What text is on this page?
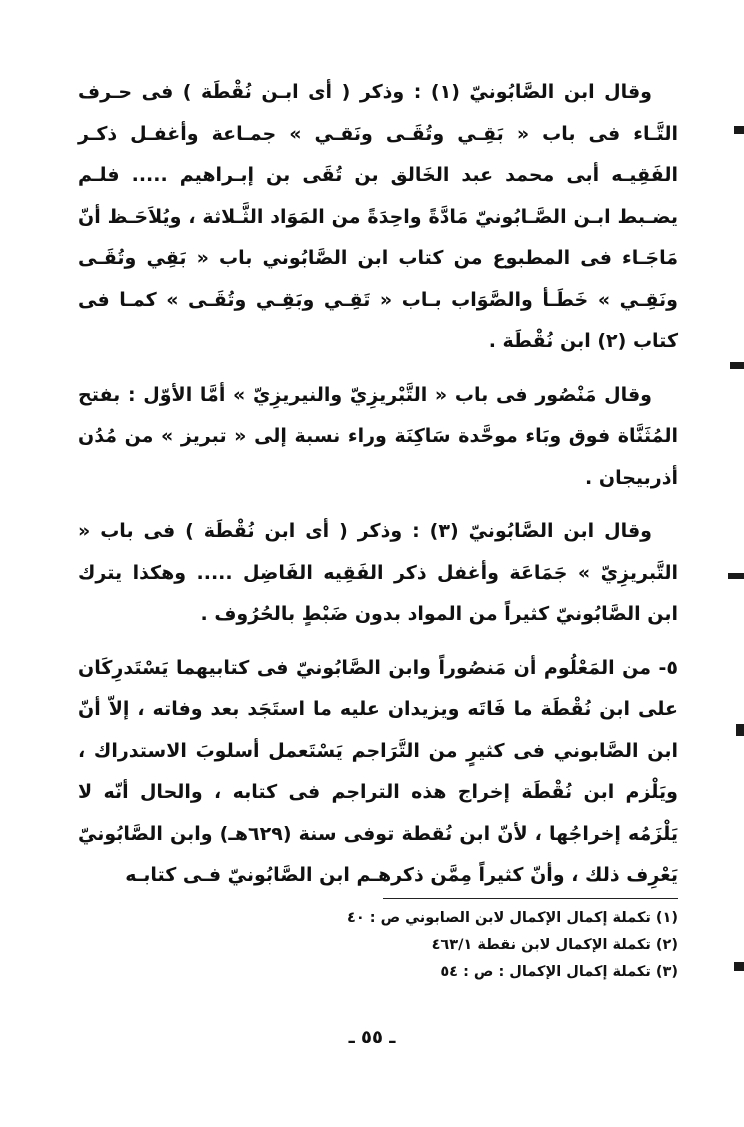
وقال ابن الصَّابُونيّ (١) : وذكر ( أى ابـن نُقْطَة ) فى حـرف التَّـاء فى باب « بَقِـي وتُقَـى ونَقـي » جمـاعة وأغفـل ذكـر الفَقِيـه أبى محمد عبد الخَالق بن تُقَى بن إبـراهيم ..... فلـم يضـبط ابـن الصَّـابُونيّ مَادَّةً واحِدَةً من المَوَاد الثَّـلاثة ، ويُلاَحَـظ أنّ مَاجَـاء فى المطبوع من كتاب ابن الصَّابُوني باب « بَقِي وتُقَـى ونَقِـي » خَطَـأ والصَّوَاب بـاب « تَقِـي وبَقِـي وتُقَـى » كمـا فى كتاب (٢) ابن نُقْطَة .

وقال مَنْصُور فى باب « التَّبْريزِيّ والنيريزِيّ » أمَّا الأوّل : بفتح المُثَنَّاة فوق وبَاء موحَّدة سَاكِنَة وراء نسبة إلى « تبريز » من مُدُن أذربيجان .

وقال ابن الصَّابُونيّ (٣) : وذكر ( أى ابن نُقْطَة ) فى باب « التَّبريزِيّ » جَمَاعَة وأغفل ذكر الفَقِيه الفَاضِل ..... وهكذا يترك ابن الصَّابُونيّ كثيراً من المواد بدون ضَبْطٍ بالحُرُوف .

٥- من المَعْلُوم أن مَنصُوراً وابن الصَّابُونيّ فى كتابيهما يَسْتَدرِكَان على ابن نُقْطَة ما فَاتَه ويزيدان عليه ما استَجَد بعد وفاته ، إلاّ أنّ ابن الصَّابوني فى كثيرٍ من التَّرَاجم يَسْتَعمل أسلوبَ الاستدراك ، ويَلْزم ابن نُقْطَة إخراج هذه التراجم فى كتابه ، والحال أنّه لا يَلْزَمُه إخراجُها ، لأنّ ابن نُقطة توفى سنة (٦٢٩هـ) وابن الصَّابُونيّ يَعْرِف ذلك ، وأنّ كثيراً مِمَّن ذكرهـم ابن الصَّابُونيّ فـى كتابـه

(١) تكملة إكمال الإكمال لابن الصابوني ص : ٤٠
(٢) تكملة الإكمال لابن نقطة ٤٦٣/١
(٣) تكملة إكمال الإكمال : ص : ٥٤
ـ ٥٥ ـ
